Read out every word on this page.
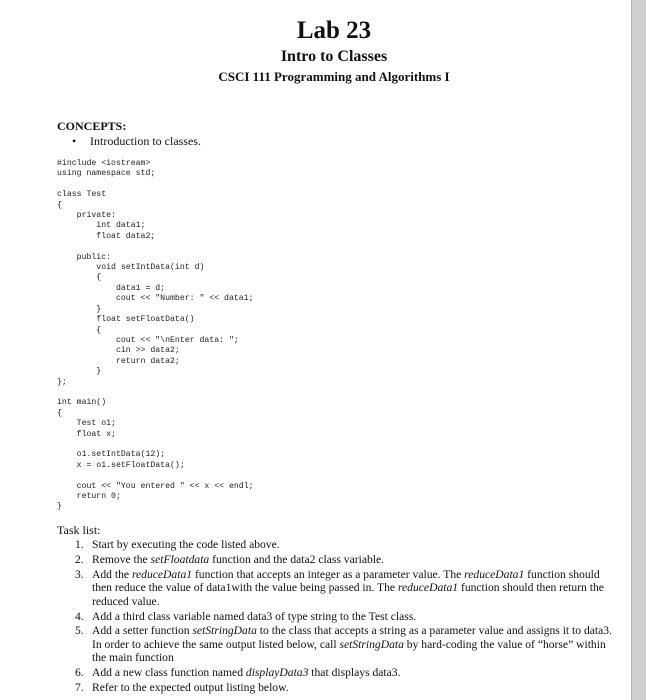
Lab 23
Intro to Classes
CSCI 111 Programming and Algorithms I
CONCEPTS:
• Introduction to classes.
#include <iostream>
using namespace std;

class Test
{
private:
int data1;
float data2;

public:
void setIntData(int d)
{
data1 = d;
cout << "Number: " << data1;
}
float setFloatData()
{
cout << "\nEnter data: ";
cin >> data2;
return data2;
}
};

int main()
{
Test o1;
float x;

o1.setIntData(12);
x = o1.setFloatData();

cout << "You entered " << x << endl;
return 0;
}
Task list:
1. Start by executing the code listed above.
2. Remove the setFloatdata function and the data2 class variable.
3. Add the reduceData1 function that accepts an integer as a parameter value. The reduceData1 function should then reduce the value of data1with the value being passed in. The reduceData1 function should then return the reduced value.
4. Add a third class variable named data3 of type string to the Test class.
5. Add a setter function setStringData to the class that accepts a string as a parameter value and assigns it to data3. In order to achieve the same output listed below, call setStringData by hard-coding the value of “horse” within the main function
6. Add a new class function named displayData3 that displays data3.
7. Refer to the expected output listing below.
